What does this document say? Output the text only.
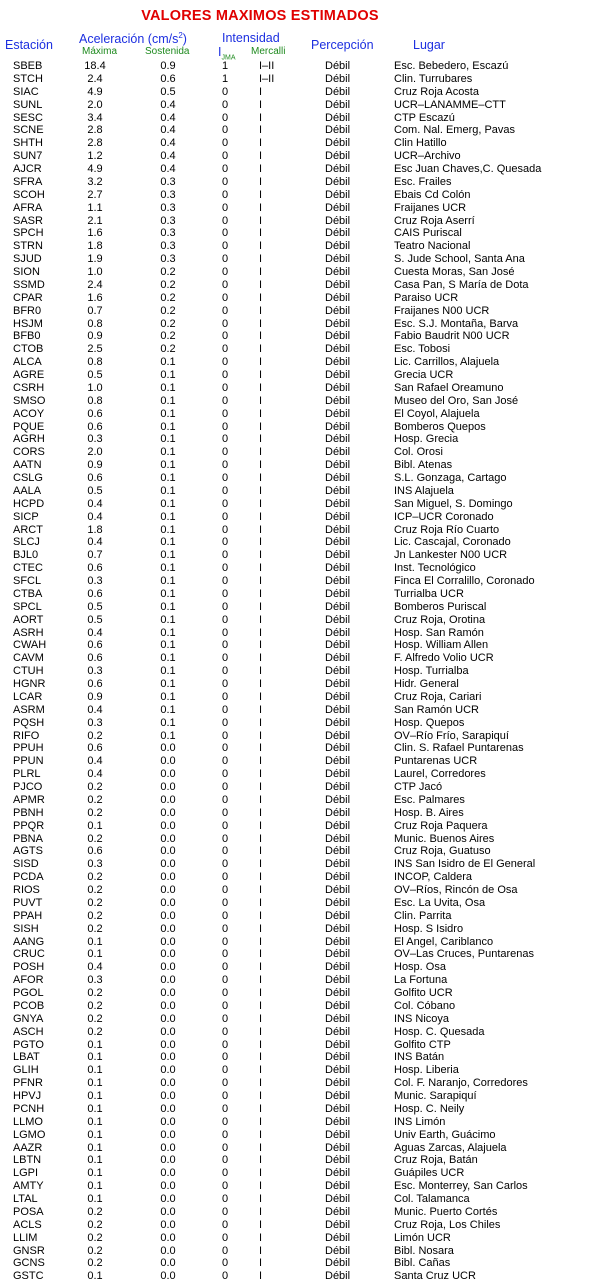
VALORES MAXIMOS ESTIMADOS
Estación Aceleración $(cm/s^2)$
Máxima	Sostenida
Intensidad
$I_{JMA}$
Mercalli Percepción	Lugar
SBEB	18.4	0.9	1	I–II	Débil	Esc. Bebedero, Escazú
STCH	2.4	0.6	1	I–II	Débil	Clin. Turrubares
SIAC	4.9	0.5	0	I	Débil	Cruz Roja Acosta
SUNL	2.0	0.4	0	I	Débil	UCR–LANAMME–CTT
SESC	3.4	0.4	0	I	Débil	CTP Escazú
SCNE	2.8	0.4	0	I	Débil	Com. Nal. Emerg, Pavas
SHTH	2.8	0.4	0	I	Débil	Clin Hatillo
SUN7	1.2	0.4	0	I	Débil	UCR–Archivo
AJCR	4.9	0.4	0	I	Débil	Esc Juan Chaves,C. Quesada
SFRA	3.2	0.3	0	I	Débil	Esc. Frailes
SCOH	2.7	0.3	0	I	Débil	Ebais Cd Colón
AFRA	1.1	0.3	0	I	Débil	Fraijanes UCR
SASR	2.1	0.3	0	I	Débil	Cruz Roja Aserrí
SPCH	1.6	0.3	0	I	Débil	CAIS Puriscal
STRN	1.8	0.3	0	I	Débil	Teatro Nacional
SJUD	1.9	0.3	0	I	Débil	S. Jude School, Santa Ana
SION	1.0	0.2	0	I	Débil	Cuesta Moras, San José
SSMD	2.4	0.2	0	I	Débil	Casa Pan, S María de Dota
CPAR	1.6	0.2	0	I	Débil	Paraiso UCR
BFR0	0.7	0.2	0	I	Débil	Fraijanes N00 UCR
HSJM	0.8	0.2	0	I	Débil	Esc. S.J. Montaña, Barva
BFB0	0.9	0.2	0	I	Débil	Fabio Baudrit N00 UCR
CTOB	2.5	0.2	0	I	Débil	Esc. Tobosi
ALCA	0.8	0.1	0	I	Débil	Lic. Carrillos, Alajuela
AGRE	0.5	0.1	0	I	Débil	Grecia UCR
CSRH	1.0	0.1	0	I	Débil	San Rafael Oreamuno
SMSO	0.8	0.1	0	I	Débil	Museo del Oro, San José
ACOY	0.6	0.1	0	I	Débil	El Coyol, Alajuela
PQUE	0.6	0.1	0	I	Débil	Bomberos Quepos
AGRH	0.3	0.1	0	I	Débil	Hosp. Grecia
CORS	2.0	0.1	0	I	Débil	Col. Orosi
AATN	0.9	0.1	0	I	Débil	Bibl. Atenas
CSLG	0.6	0.1	0	I	Débil	S.L. Gonzaga, Cartago
AALA	0.5	0.1	0	I	Débil	INS Alajuela
HCPD	0.4	0.1	0	I	Débil	San Miguel, S. Domingo
SICP	0.4	0.1	0	I	Débil	ICP–UCR Coronado
ARCT	1.8	0.1	0	I	Débil	Cruz Roja Río Cuarto
SLCJ	0.4	0.1	0	I	Débil	Lic. Cascajal, Coronado
BJL0	0.7	0.1	0	I	Débil	Jn Lankester N00 UCR
CTEC	0.6	0.1	0	I	Débil	Inst. Tecnológico
SFCL	0.3	0.1	0	I	Débil	Finca El Corralillo, Coronado
CTBA	0.6	0.1	0	I	Débil	Turrialba UCR
SPCL	0.5	0.1	0	I	Débil	Bomberos Puriscal
AORT	0.5	0.1	0	I	Débil	Cruz Roja, Orotina
ASRH	0.4	0.1	0	I	Débil	Hosp. San Ramón
CWAH	0.6	0.1	0	I	Débil	Hosp. William Allen
CAVM	0.6	0.1	0	I	Débil	F. Alfredo Volio UCR
CTUH	0.3	0.1	0	I	Débil	Hosp. Turrialba
HGNR	0.6	0.1	0	I	Débil	Hidr. General
LCAR	0.9	0.1	0	I	Débil	Cruz Roja, Cariari
ASRM	0.4	0.1	0	I	Débil	San Ramón UCR
PQSH	0.3	0.1	0	I	Débil	Hosp. Quepos
RIFO	0.2	0.1	0	I	Débil	OV–Río Frío, Sarapiquí
PPUH	0.6	0.0	0	I	Débil	Clin. S. Rafael Puntarenas
PPUN	0.4	0.0	0	I	Débil	Puntarenas UCR
PLRL	0.4	0.0	0	I	Débil	Laurel, Corredores
PJCO	0.2	0.0	0	I	Débil	CTP Jacó
APMR	0.2	0.0	0	I	Débil	Esc. Palmares
PBNH	0.2	0.0	0	I	Débil	Hosp. B. Aires
PPQR	0.1	0.0	0	I	Débil	Cruz Roja Paquera
PBNA	0.2	0.0	0	I	Débil	Munic. Buenos Aires
AGTS	0.6	0.0	0	I	Débil	Cruz Roja, Guatuso
SISD	0.3	0.0	0	I	Débil	INS San Isidro de El General
PCDA	0.2	0.0	0	I	Débil	INCOP, Caldera
RIOS	0.2	0.0	0	I	Débil	OV–Ríos, Rincón de Osa
PUVT	0.2	0.0	0	I	Débil	Esc. La Uvita, Osa
PPAH	0.2	0.0	0	I	Débil	Clin. Parrita
SISH	0.2	0.0	0	I	Débil	Hosp. S Isidro
AANG	0.1	0.0	0	I	Débil	El Angel, Cariblanco
CRUC	0.1	0.0	0	I	Débil	OV–Las Cruces, Puntarenas
POSH	0.4	0.0	0	I	Débil	Hosp. Osa
AFOR	0.3	0.0	0	I	Débil	La Fortuna
PGOL	0.2	0.0	0	I	Débil	Golfito UCR
PCOB	0.2	0.0	0	I	Débil	Col. Cóbano
GNYA	0.2	0.0	0	I	Débil	INS Nicoya
ASCH	0.2	0.0	0	I	Débil	Hosp. C. Quesada
PGTO	0.1	0.0	0	I	Débil	Golfito CTP
LBAT	0.1	0.0	0	I	Débil	INS Batán
GLIH	0.1	0.0	0	I	Débil	Hosp. Liberia
PFNR	0.1	0.0	0	I	Débil	Col. F. Naranjo, Corredores
HPVJ	0.1	0.0	0	I	Débil	Munic. Sarapiquí
PCNH	0.1	0.0	0	I	Débil	Hosp. C. Neily
LLMO	0.1	0.0	0	I	Débil	INS Limón
LGMO	0.1	0.0	0	I	Débil	Univ Earth, Guácimo
AAZR	0.1	0.0	0	I	Débil	Aguas Zarcas, Alajuela
LBTN	0.1	0.0	0	I	Débil	Cruz Roja, Batán
LGPI	0.1	0.0	0	I	Débil	Guápiles UCR
AMTY	0.1	0.0	0	I	Débil	Esc. Monterrey, San Carlos
LTAL	0.1	0.0	0	I	Débil	Col. Talamanca
POSA	0.2	0.0	0	I	Débil	Munic. Puerto Cortés
ACLS	0.2	0.0	0	I	Débil	Cruz Roja, Los Chiles
LLIM	0.2	0.0	0	I	Débil	Limón UCR
GNSR	0.2	0.0	0	I	Débil	Bibl. Nosara
GCNS	0.2	0.0	0	I	Débil	Bibl. Cañas
GSTC	0.1	0.0	0	I	Débil	Santa Cruz UCR
